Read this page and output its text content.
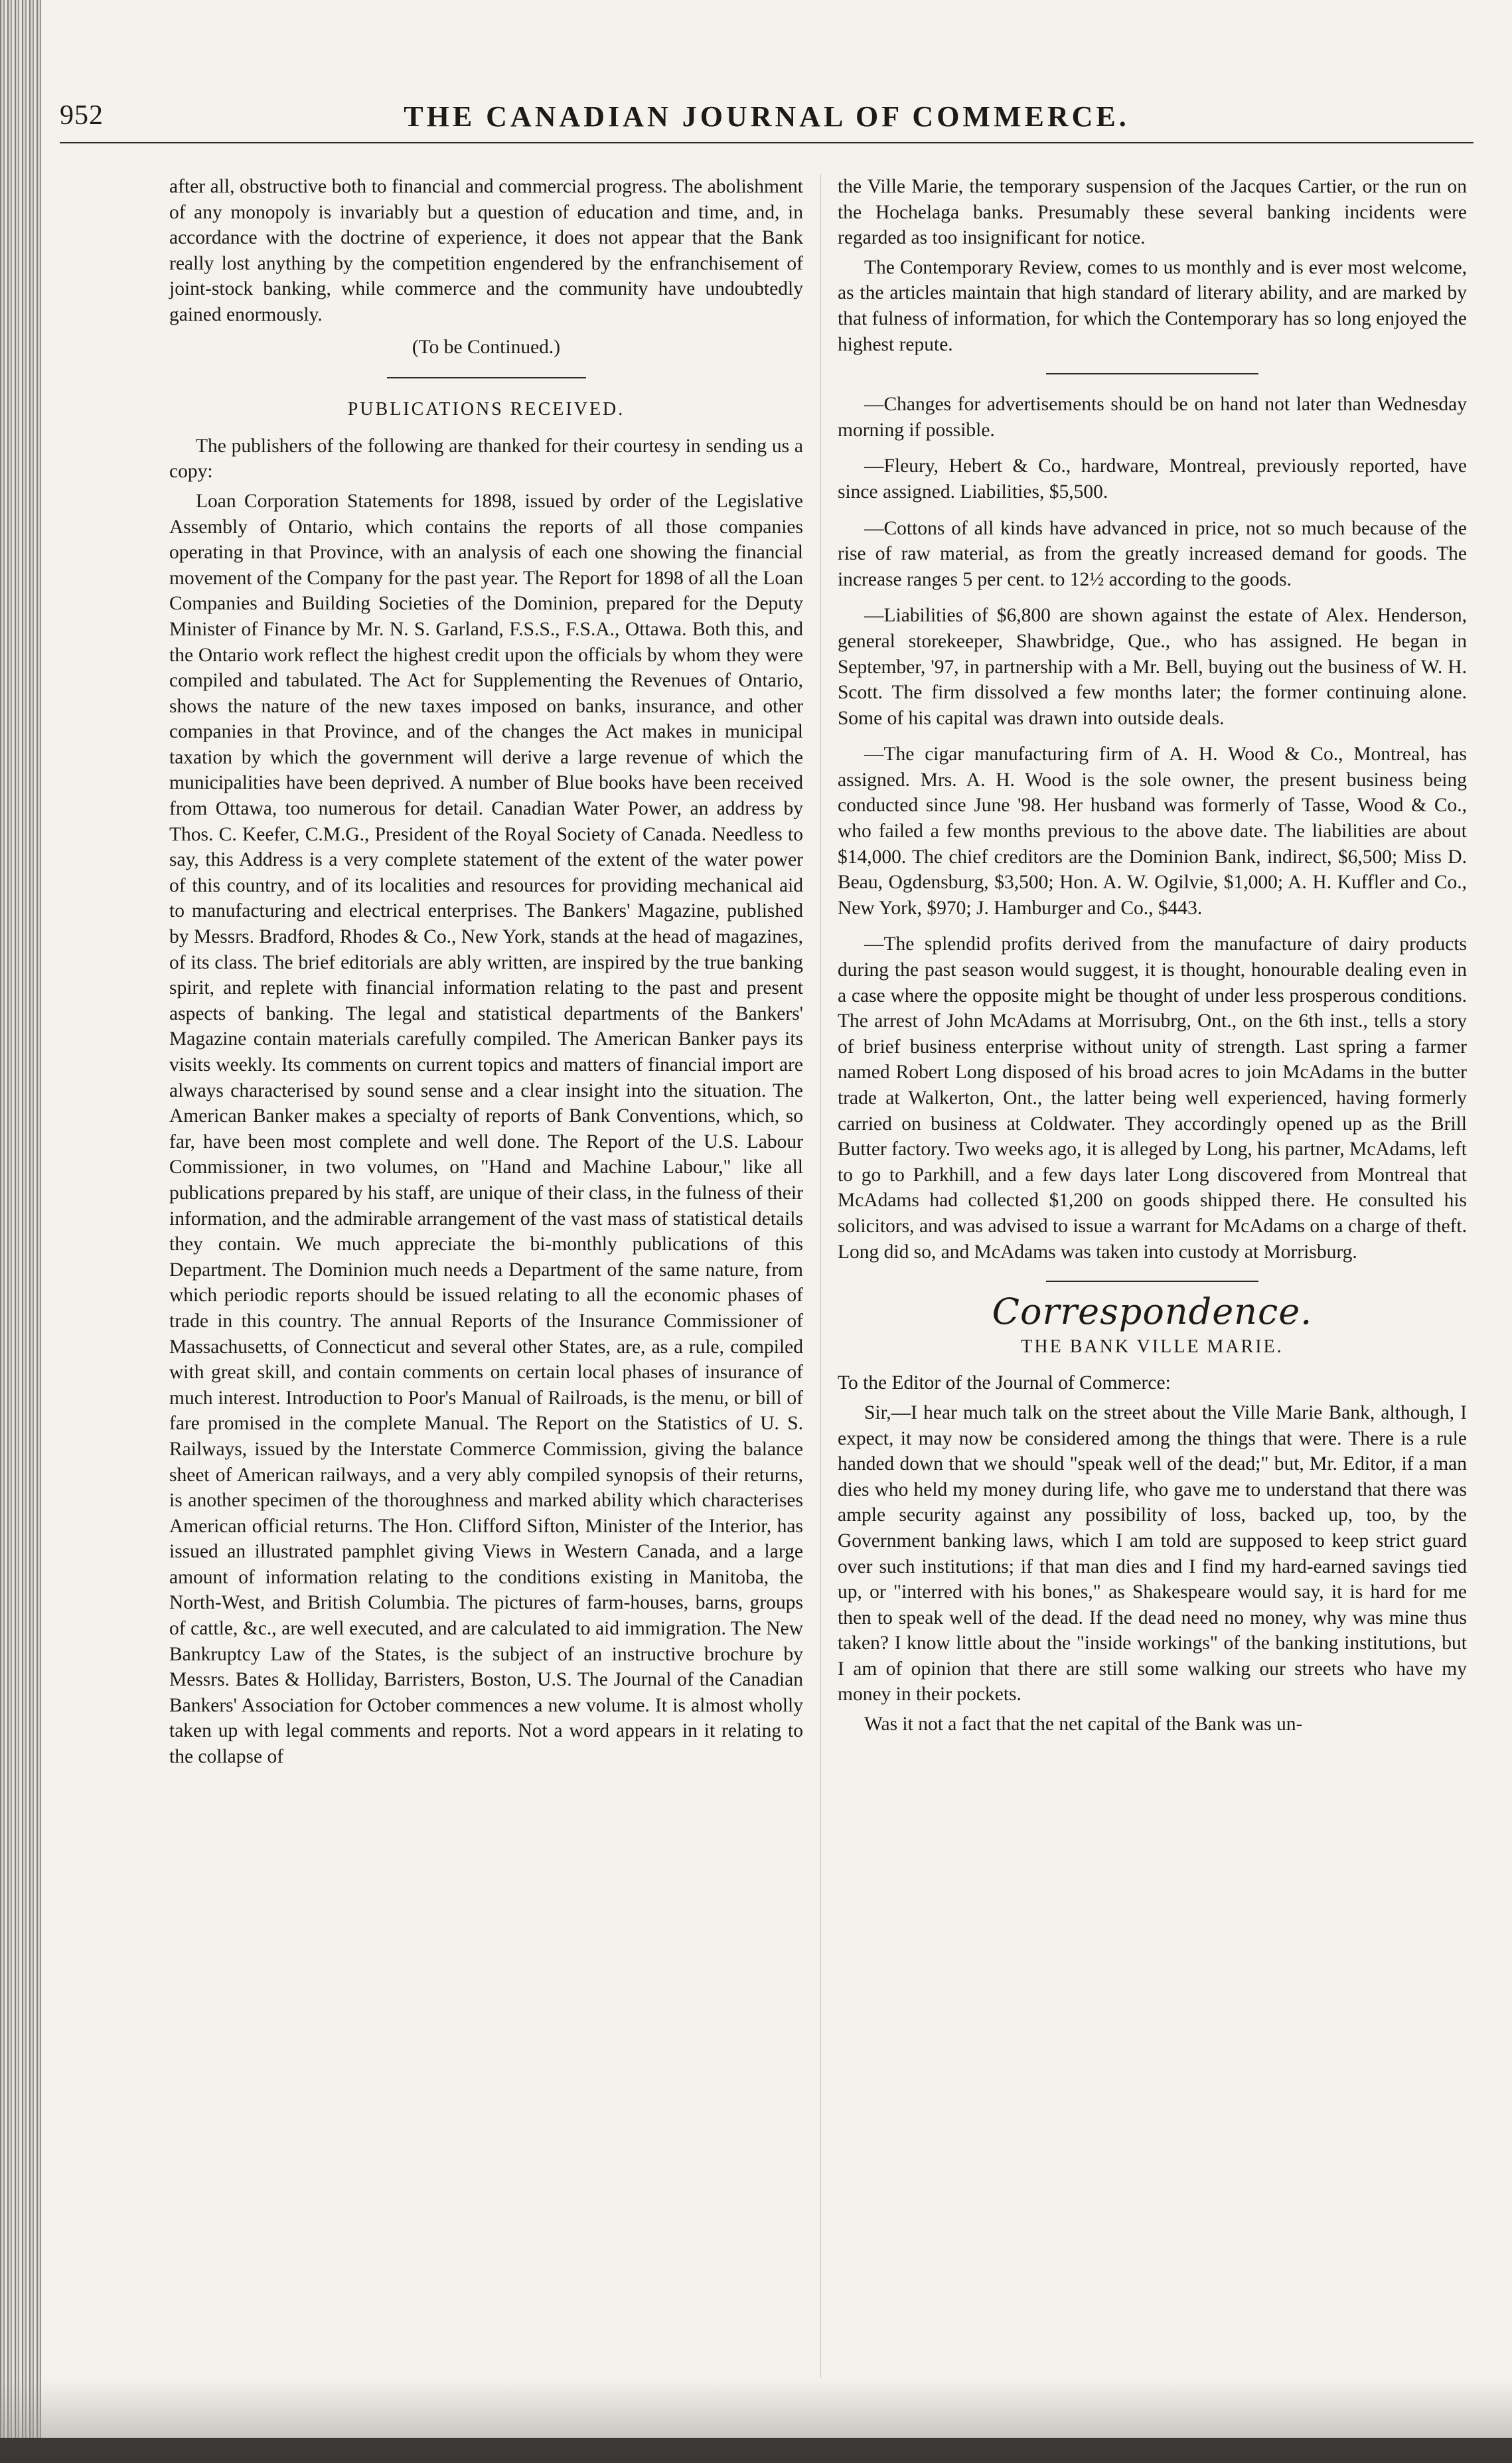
952	THE CANADIAN JOURNAL OF COMMERCE.

after all, obstructive both to financial and commercial progress. The abolishment of any monopoly is invariably but a question of education and time, and, in accordance with the doctrine of experience, it does not appear that the Bank really lost anything by the competition engendered by the enfranchisement of joint-stock banking, while commerce and the community have undoubtedly gained enormously.

(To be Continued.)

PUBLICATIONS RECEIVED.

The publishers of the following are thanked for their courtesy in sending us a copy:

Loan Corporation Statements for 1898, issued by order of the Legislative Assembly of Ontario, which contains the reports of all those companies operating in that Province, with an analysis of each one showing the financial movement of the Company for the past year. The Report for 1898 of all the Loan Companies and Building Societies of the Dominion, prepared for the Deputy Minister of Finance by Mr. N. S. Garland, F.S.S., F.S.A., Ottawa. Both this, and the Ontario work reflect the highest credit upon the officials by whom they were compiled and tabulated. The Act for Supplementing the Revenues of Ontario, shows the nature of the new taxes imposed on banks, insurance, and other companies in that Province, and of the changes the Act makes in municipal taxation by which the government will derive a large revenue of which the municipalities have been deprived. A number of Blue books have been received from Ottawa, too numerous for detail. Canadian Water Power, an address by Thos. C. Keefer, C.M.G., President of the Royal Society of Canada. Needless to say, this Address is a very complete statement of the extent of the water power of this country, and of its localities and resources for providing mechanical aid to manufacturing and electrical enterprises. The Bankers' Magazine, published by Messrs. Bradford, Rhodes & Co., New York, stands at the head of magazines, of its class. The brief editorials are ably written, are inspired by the true banking spirit, and replete with financial information relating to the past and present aspects of banking. The legal and statistical departments of the Bankers' Magazine contain materials carefully compiled. The American Banker pays its visits weekly. Its comments on current topics and matters of financial import are always characterised by sound sense and a clear insight into the situation. The American Banker makes a specialty of reports of Bank Conventions, which, so far, have been most complete and well done. The Report of the U.S. Labour Commissioner, in two volumes, on "Hand and Machine Labour," like all publications prepared by his staff, are unique of their class, in the fulness of their information, and the admirable arrangement of the vast mass of statistical details they contain. We much appreciate the bi-monthly publications of this Department. The Dominion much needs a Department of the same nature, from which periodic reports should be issued relating to all the economic phases of trade in this country. The annual Reports of the Insurance Commissioner of Massachusetts, of Connecticut and several other States, are, as a rule, compiled with great skill, and contain comments on certain local phases of insurance of much interest. Introduction to Poor's Manual of Railroads, is the menu, or bill of fare promised in the complete Manual. The Report on the Statistics of U. S. Railways, issued by the Interstate Commerce Commission, giving the balance sheet of American railways, and a very ably compiled synopsis of their returns, is another specimen of the thoroughness and marked ability which characterises American official returns. The Hon. Clifford Sifton, Minister of the Interior, has issued an illustrated pamphlet giving Views in Western Canada, and a large amount of information relating to the conditions existing in Manitoba, the North-West, and British Columbia. The pictures of farm-houses, barns, groups of cattle, &c., are well executed, and are calculated to aid immigration. The New Bankruptcy Law of the States, is the subject of an instructive brochure by Messrs. Bates & Holliday, Barristers, Boston, U.S. The Journal of the Canadian Bankers' Association for October commences a new volume. It is almost wholly taken up with legal comments and reports. Not a word appears in it relating to the collapse of

the Ville Marie, the temporary suspension of the Jacques Cartier, or the run on the Hochelaga banks. Presumably these several banking incidents were regarded as too insignificant for notice.

The Contemporary Review, comes to us monthly and is ever most welcome, as the articles maintain that high standard of literary ability, and are marked by that fulness of information, for which the Contemporary has so long enjoyed the highest repute.

—Changes for advertisements should be on hand not later than Wednesday morning if possible.

—Fleury, Hebert & Co., hardware, Montreal, previously reported, have since assigned. Liabilities, $5,500.

—Cottons of all kinds have advanced in price, not so much because of the rise of raw material, as from the greatly increased demand for goods. The increase ranges 5 per cent. to 12½ according to the goods.

—Liabilities of $6,800 are shown against the estate of Alex. Henderson, general storekeeper, Shawbridge, Que., who has assigned. He began in September, '97, in partnership with a Mr. Bell, buying out the business of W. H. Scott. The firm dissolved a few months later; the former continuing alone. Some of his capital was drawn into outside deals.

—The cigar manufacturing firm of A. H. Wood & Co., Montreal, has assigned. Mrs. A. H. Wood is the sole owner, the present business being conducted since June '98. Her husband was formerly of Tasse, Wood & Co., who failed a few months previous to the above date. The liabilities are about $14,000. The chief creditors are the Dominion Bank, indirect, $6,500; Miss D. Beau, Ogdensburg, $3,500; Hon. A. W. Ogilvie, $1,000; A. H. Kuffler and Co., New York, $970; J. Hamburger and Co., $443.

—The splendid profits derived from the manufacture of dairy products during the past season would suggest, it is thought, honourable dealing even in a case where the opposite might be thought of under less prosperous conditions. The arrest of John McAdams at Morrisubrg, Ont., on the 6th inst., tells a story of brief business enterprise without unity of strength. Last spring a farmer named Robert Long disposed of his broad acres to join McAdams in the butter trade at Walkerton, Ont., the latter being well experienced, having formerly carried on business at Coldwater. They accordingly opened up as the Brill Butter factory. Two weeks ago, it is alleged by Long, his partner, McAdams, left to go to Parkhill, and a few days later Long discovered from Montreal that McAdams had collected $1,200 on goods shipped there. He consulted his solicitors, and was advised to issue a warrant for McAdams on a charge of theft. Long did so, and McAdams was taken into custody at Morrisburg.

Correspondence.
THE BANK VILLE MARIE.

To the Editor of the Journal of Commerce:

Sir,—I hear much talk on the street about the Ville Marie Bank, although, I expect, it may now be considered among the things that were. There is a rule handed down that we should "speak well of the dead;" but, Mr. Editor, if a man dies who held my money during life, who gave me to understand that there was ample security against any possibility of loss, backed up, too, by the Government banking laws, which I am told are supposed to keep strict guard over such institutions; if that man dies and I find my hard-earned savings tied up, or "interred with his bones," as Shakespeare would say, it is hard for me then to speak well of the dead. If the dead need no money, why was mine thus taken? I know little about the "inside workings" of the banking institutions, but I am of opinion that there are still some walking our streets who have my money in their pockets.

Was it not a fact that the net capital of the Bank was un-
